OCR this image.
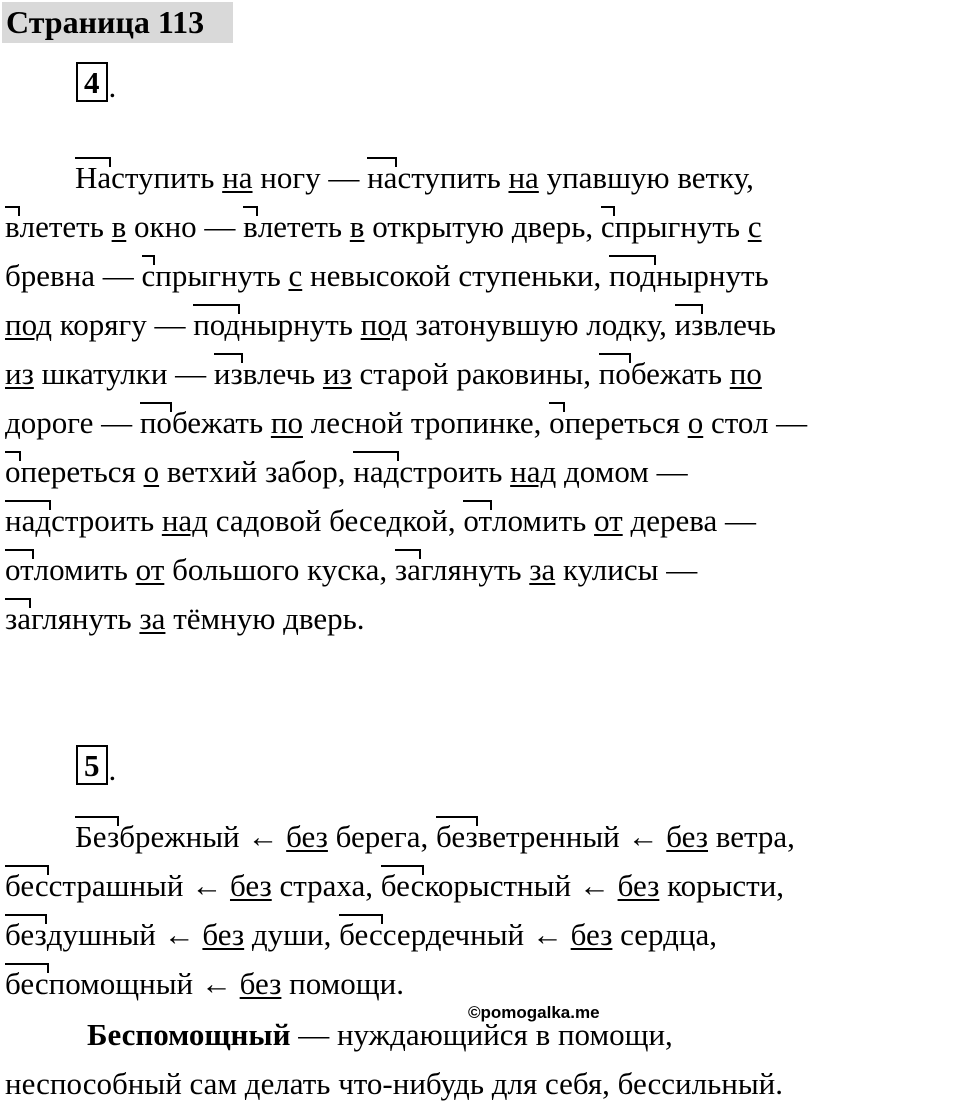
Страница 113
4 .
Наступить на ногу — наступить на упавшую ветку,
влететь в окно — влететь в открытую дверь, спрыгнуть с
бревна — спрыгнуть с невысокой ступеньки, поднырнуть
под корягу — поднырнуть под затонувшую лодку, извлечь
из шкатулки — извлечь из старой раковины, побежать по
дороге — побежать по лесной тропинке, опереться о стол —
опереться о ветхий забор, надстроить над домом —
надстроить над садовой беседкой, отломить от дерева —
отломить от большого куска, заглянуть за кулисы —
заглянуть за тёмную дверь.
5 .
Безбрежный ← без берега, безветренный ← без ветра,
бесстрашный ← без страха, бескорыстный ← без корысти,
бездушный ← без души, бессердечный ← без сердца,
беспомощный ← без помощи.
©pomogalka.me
Беспомощный — нуждающийся в помощи,
неспособный сам делать что-нибудь для себя, бессильный.
